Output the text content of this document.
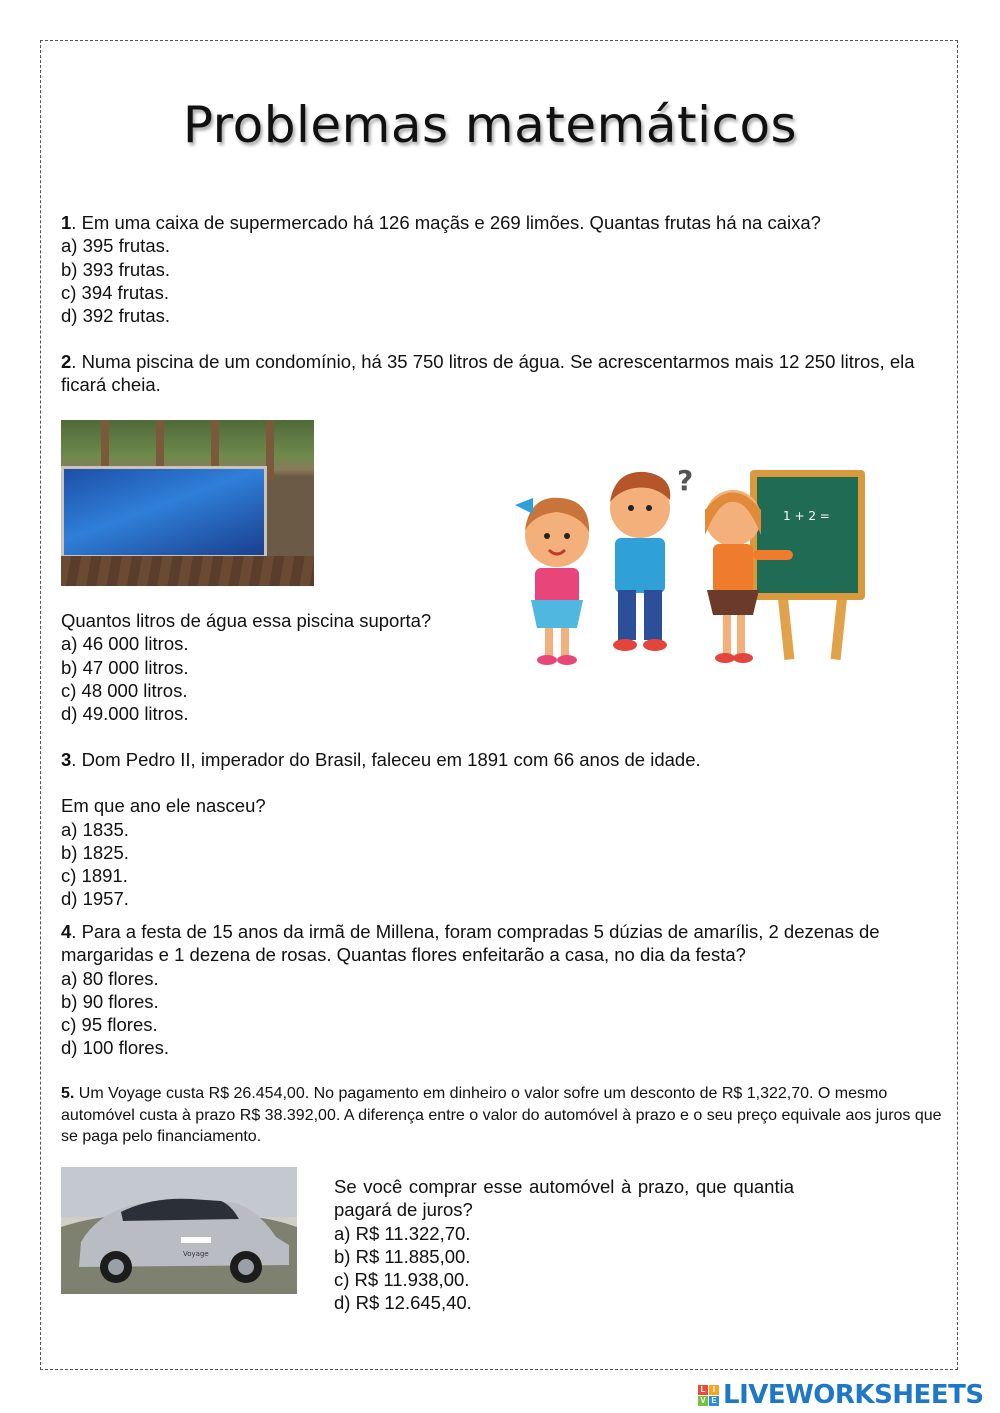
Problemas matemáticos

1. Em uma caixa de supermercado há 126 maçãs e 269 limões. Quantas frutas há na caixa?

a) 395 frutas.
b) 393 frutas.
c) 394 frutas.
d) 392 frutas.

2. Numa piscina de um condomínio, há 35 750 litros de água. Se acrescentarmos mais 12 250 litros, ela ficará cheia.

1 + 2 =
?

Quantos litros de água essa piscina suporta?

a) 46 000 litros.
b) 47 000 litros.
c) 48 000 litros.
d) 49.000 litros.

3. Dom Pedro II, imperador do Brasil, faleceu em 1891 com 66 anos de idade.

Em que ano ele nasceu?

a) 1835.
b) 1825.
c) 1891.
d) 1957.

4. Para a festa de 15 anos da irmã de Millena, foram compradas 5 dúzias de amarílis, 2 dezenas de margaridas e 1 dezena de rosas. Quantas flores enfeitarão a casa, no dia da festa?

a) 80 flores.
b) 90 flores.
c) 95 flores.
d) 100 flores.

5. Um Voyage custa R$ 26.454,00. No pagamento em dinheiro o valor sofre um desconto de R$ 1,322,70. O mesmo automóvel custa à prazo R$ 38.392,00. A diferença entre o valor do automóvel à prazo e o seu preço equivale aos juros que se paga pelo financiamento.

Voyage

Se você comprar esse automóvel à prazo, que quantia pagará de juros?

a) R$ 11.322,70.
b) R$ 11.885,00.
c) R$ 11.938,00.
d) R$ 12.645,40.
L I
V E LIVEWORKSHEETS
